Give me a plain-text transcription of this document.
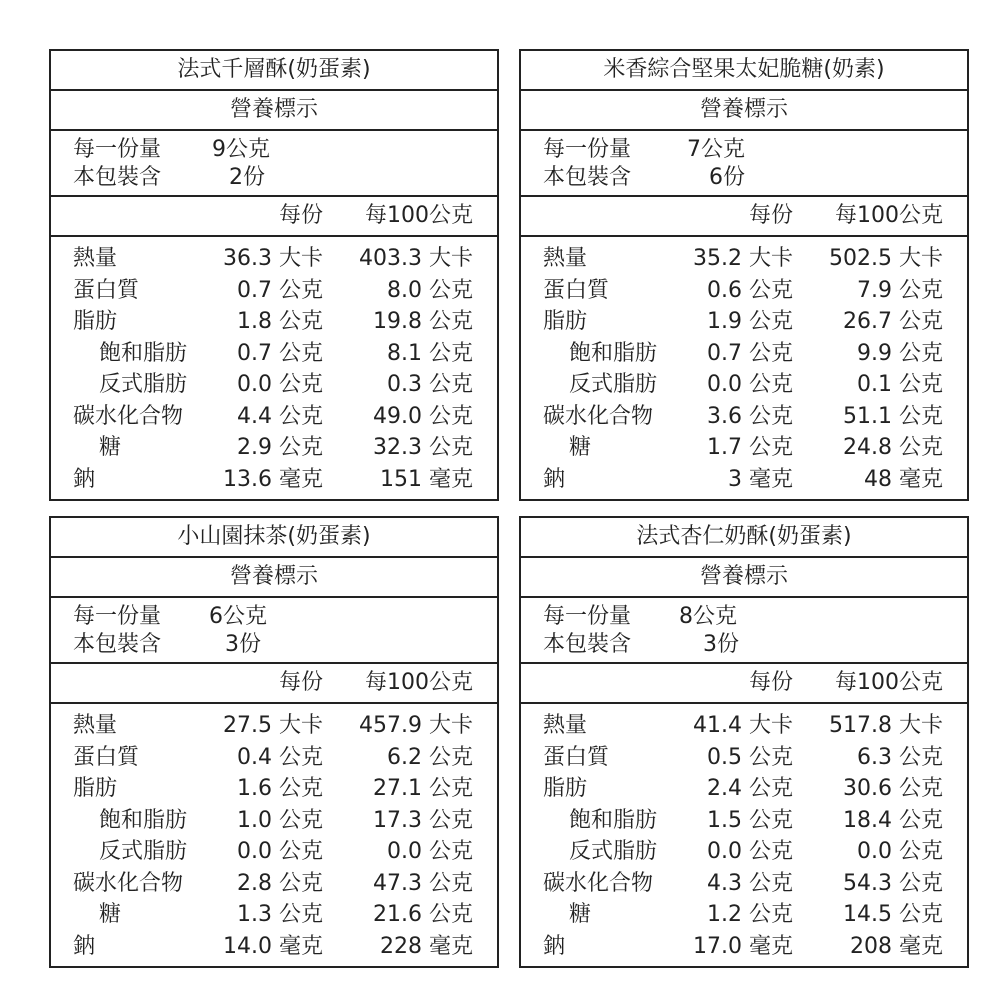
法式千層酥(奶蛋素)
營養標示
每一份量 9公克
本包裝含	2份
每份 每100公克
熱量	36.3 大卡 403.3 大卡
蛋白質	0.7 公克	8.0 公克
脂肪	1.8 公克 19.8 公克
飽和脂肪 0.7 公克	8.1 公克
反式脂肪 0.0 公克	0.3 公克
碳水化合物 4.4 公克 49.0 公克
糖	2.9 公克 32.3 公克
鈉	13.6 毫克	151 毫克
米香綜合堅果太妃脆糖(奶素)
營養標示
每一份量	7公克
本包裝含	6份
每份 每100公克
熱量	35.2 大卡 502.5 大卡
蛋白質	0.6 公克	7.9 公克
脂肪	1.9 公克 26.7 公克
飽和脂肪 0.7 公克	9.9 公克
反式脂肪 0.0 公克	0.1 公克
碳水化合物 3.6 公克 51.1 公克
糖	1.7 公克 24.8 公克
鈉	3 毫克	48 毫克
小山園抹茶(奶蛋素)
營養標示
每一份量 6公克
本包裝含	3份
每份 每100公克
熱量	27.5 大卡 457.9 大卡
蛋白質	0.4 公克	6.2 公克
脂肪	1.6 公克 27.1 公克
飽和脂肪 1.0 公克 17.3 公克
反式脂肪 0.0 公克	0.0 公克
碳水化合物 2.8 公克 47.3 公克
糖	1.3 公克 21.6 公克
鈉	14.0 毫克	228 毫克
法式杏仁奶酥(奶蛋素)
營養標示
每一份量 8公克
本包裝含	3份
每份 每100公克
熱量	41.4 大卡 517.8 大卡
蛋白質	0.5 公克	6.3 公克
脂肪	2.4 公克 30.6 公克
飽和脂肪 1.5 公克 18.4 公克
反式脂肪 0.0 公克	0.0 公克
碳水化合物 4.3 公克 54.3 公克
糖	1.2 公克 14.5 公克
鈉	17.0 毫克	208 毫克
